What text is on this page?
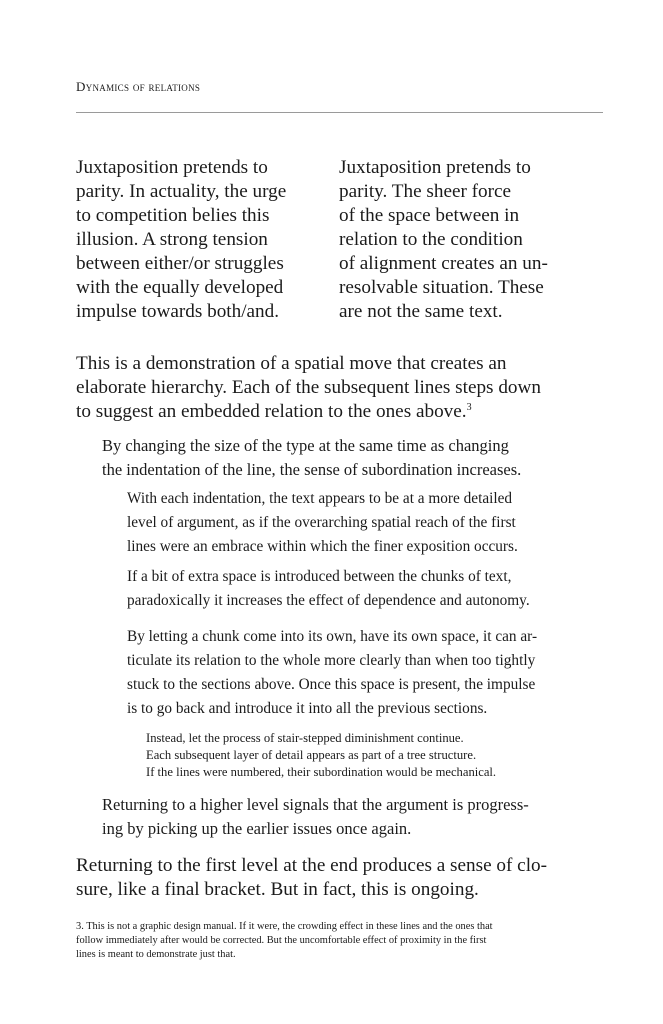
Dynamics of relations
Juxtaposition pretends to
parity. In actuality, the urge
to competition belies this
illusion. A strong tension
between either/or struggles
with the equally developed
impulse towards both/and.
Juxtaposition pretends to
parity. The sheer force
of the space between in
relation to the condition
of alignment creates an un-
resolvable situation. These
are not the same text.
This is a demonstration of a spatial move that creates an
elaborate hierarchy. Each of the subsequent lines steps down
to suggest an embedded relation to the ones above.$^3$
By changing the size of the type at the same time as changing
the indentation of the line, the sense of subordination increases.
With each indentation, the text appears to be at a more detailed
level of argument, as if the overarching spatial reach of the first
lines were an embrace within which the finer exposition occurs.
If a bit of extra space is introduced between the chunks of text,
paradoxically it increases the effect of dependence and autonomy.
By letting a chunk come into its own, have its own space, it can ar-
ticulate its relation to the whole more clearly than when too tightly
stuck to the sections above. Once this space is present, the impulse
is to go back and introduce it into all the previous sections.
Instead, let the process of stair-stepped diminishment continue.
Each subsequent layer of detail appears as part of a tree structure.
If the lines were numbered, their subordination would be mechanical.
Returning to a higher level signals that the argument is progress-
ing by picking up the earlier issues once again.
Returning to the first level at the end produces a sense of clo-
sure, like a final bracket. But in fact, this is ongoing.
3. This is not a graphic design manual. If it were, the crowding effect in these lines and the ones that
follow immediately after would be corrected. But the uncomfortable effect of proximity in the first
lines is meant to demonstrate just that.
